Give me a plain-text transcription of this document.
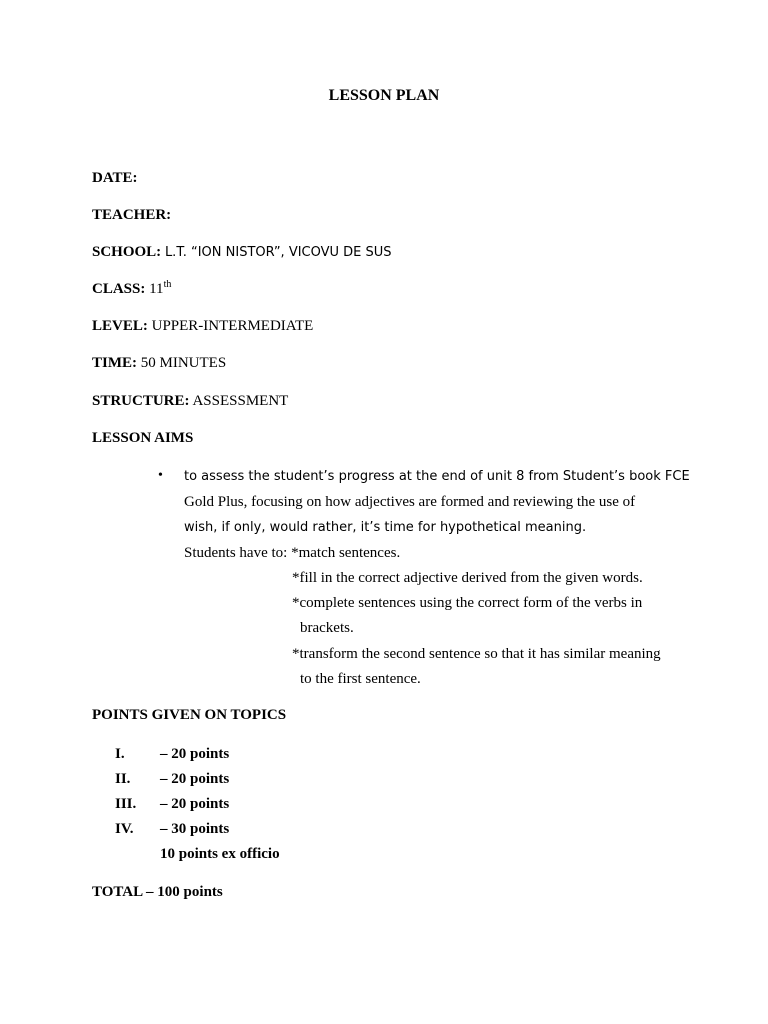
LESSON PLAN
DATE:
TEACHER:
SCHOOL: L.T. “ION NISTOR”, VICOVU DE SUS
CLASS: 11th
LEVEL: UPPER-INTERMEDIATE
TIME: 50 MINUTES
STRUCTURE: ASSESSMENT
LESSON AIMS
• to assess the student’s progress at the end of unit 8 from Student’s book FCE
Gold Plus, focusing on how adjectives are formed and reviewing the use of
wish, if only, would rather, it’s time for hypothetical meaning.
Students have to: *match sentences.
*fill in the correct adjective derived from the given words.
*complete sentences using the correct form of the verbs in
brackets.
*transform the second sentence so that it has similar meaning
to the first sentence.
POINTS GIVEN ON TOPICS
I. – 20 points
II. – 20 points
III. – 20 points
IV. – 30 points
10 points ex officio
TOTAL – 100 points
